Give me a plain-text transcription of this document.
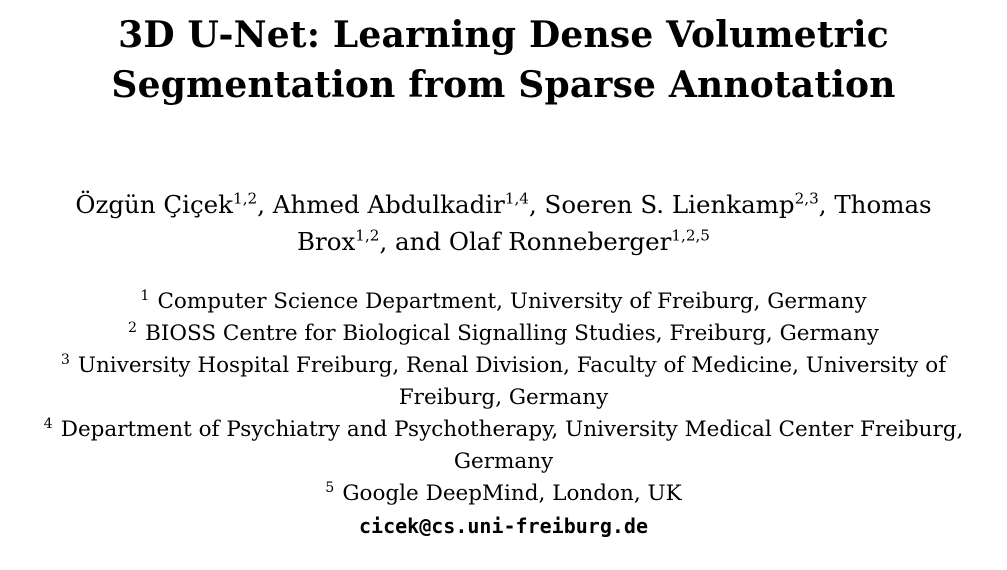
3D U-Net: Learning Dense Volumetric
Segmentation from Sparse Annotation
Özgün Çiçek$^{1,2}$, Ahmed Abdulkadir$^{1,4}$, Soeren S. Lienkamp$^{2,3}$, Thomas
Brox$^{1,2}$, and Olaf Ronneberger$^{1,2,5}$
$^1$ Computer Science Department, University of Freiburg, Germany
$^2$ BIOSS Centre for Biological Signalling Studies, Freiburg, Germany
$^3$ University Hospital Freiburg, Renal Division, Faculty of Medicine, University of
Freiburg, Germany
$^4$ Department of Psychiatry and Psychotherapy, University Medical Center Freiburg,
Germany
$^5$ Google DeepMind, London, UK
cicek@cs.uni-freiburg.de
